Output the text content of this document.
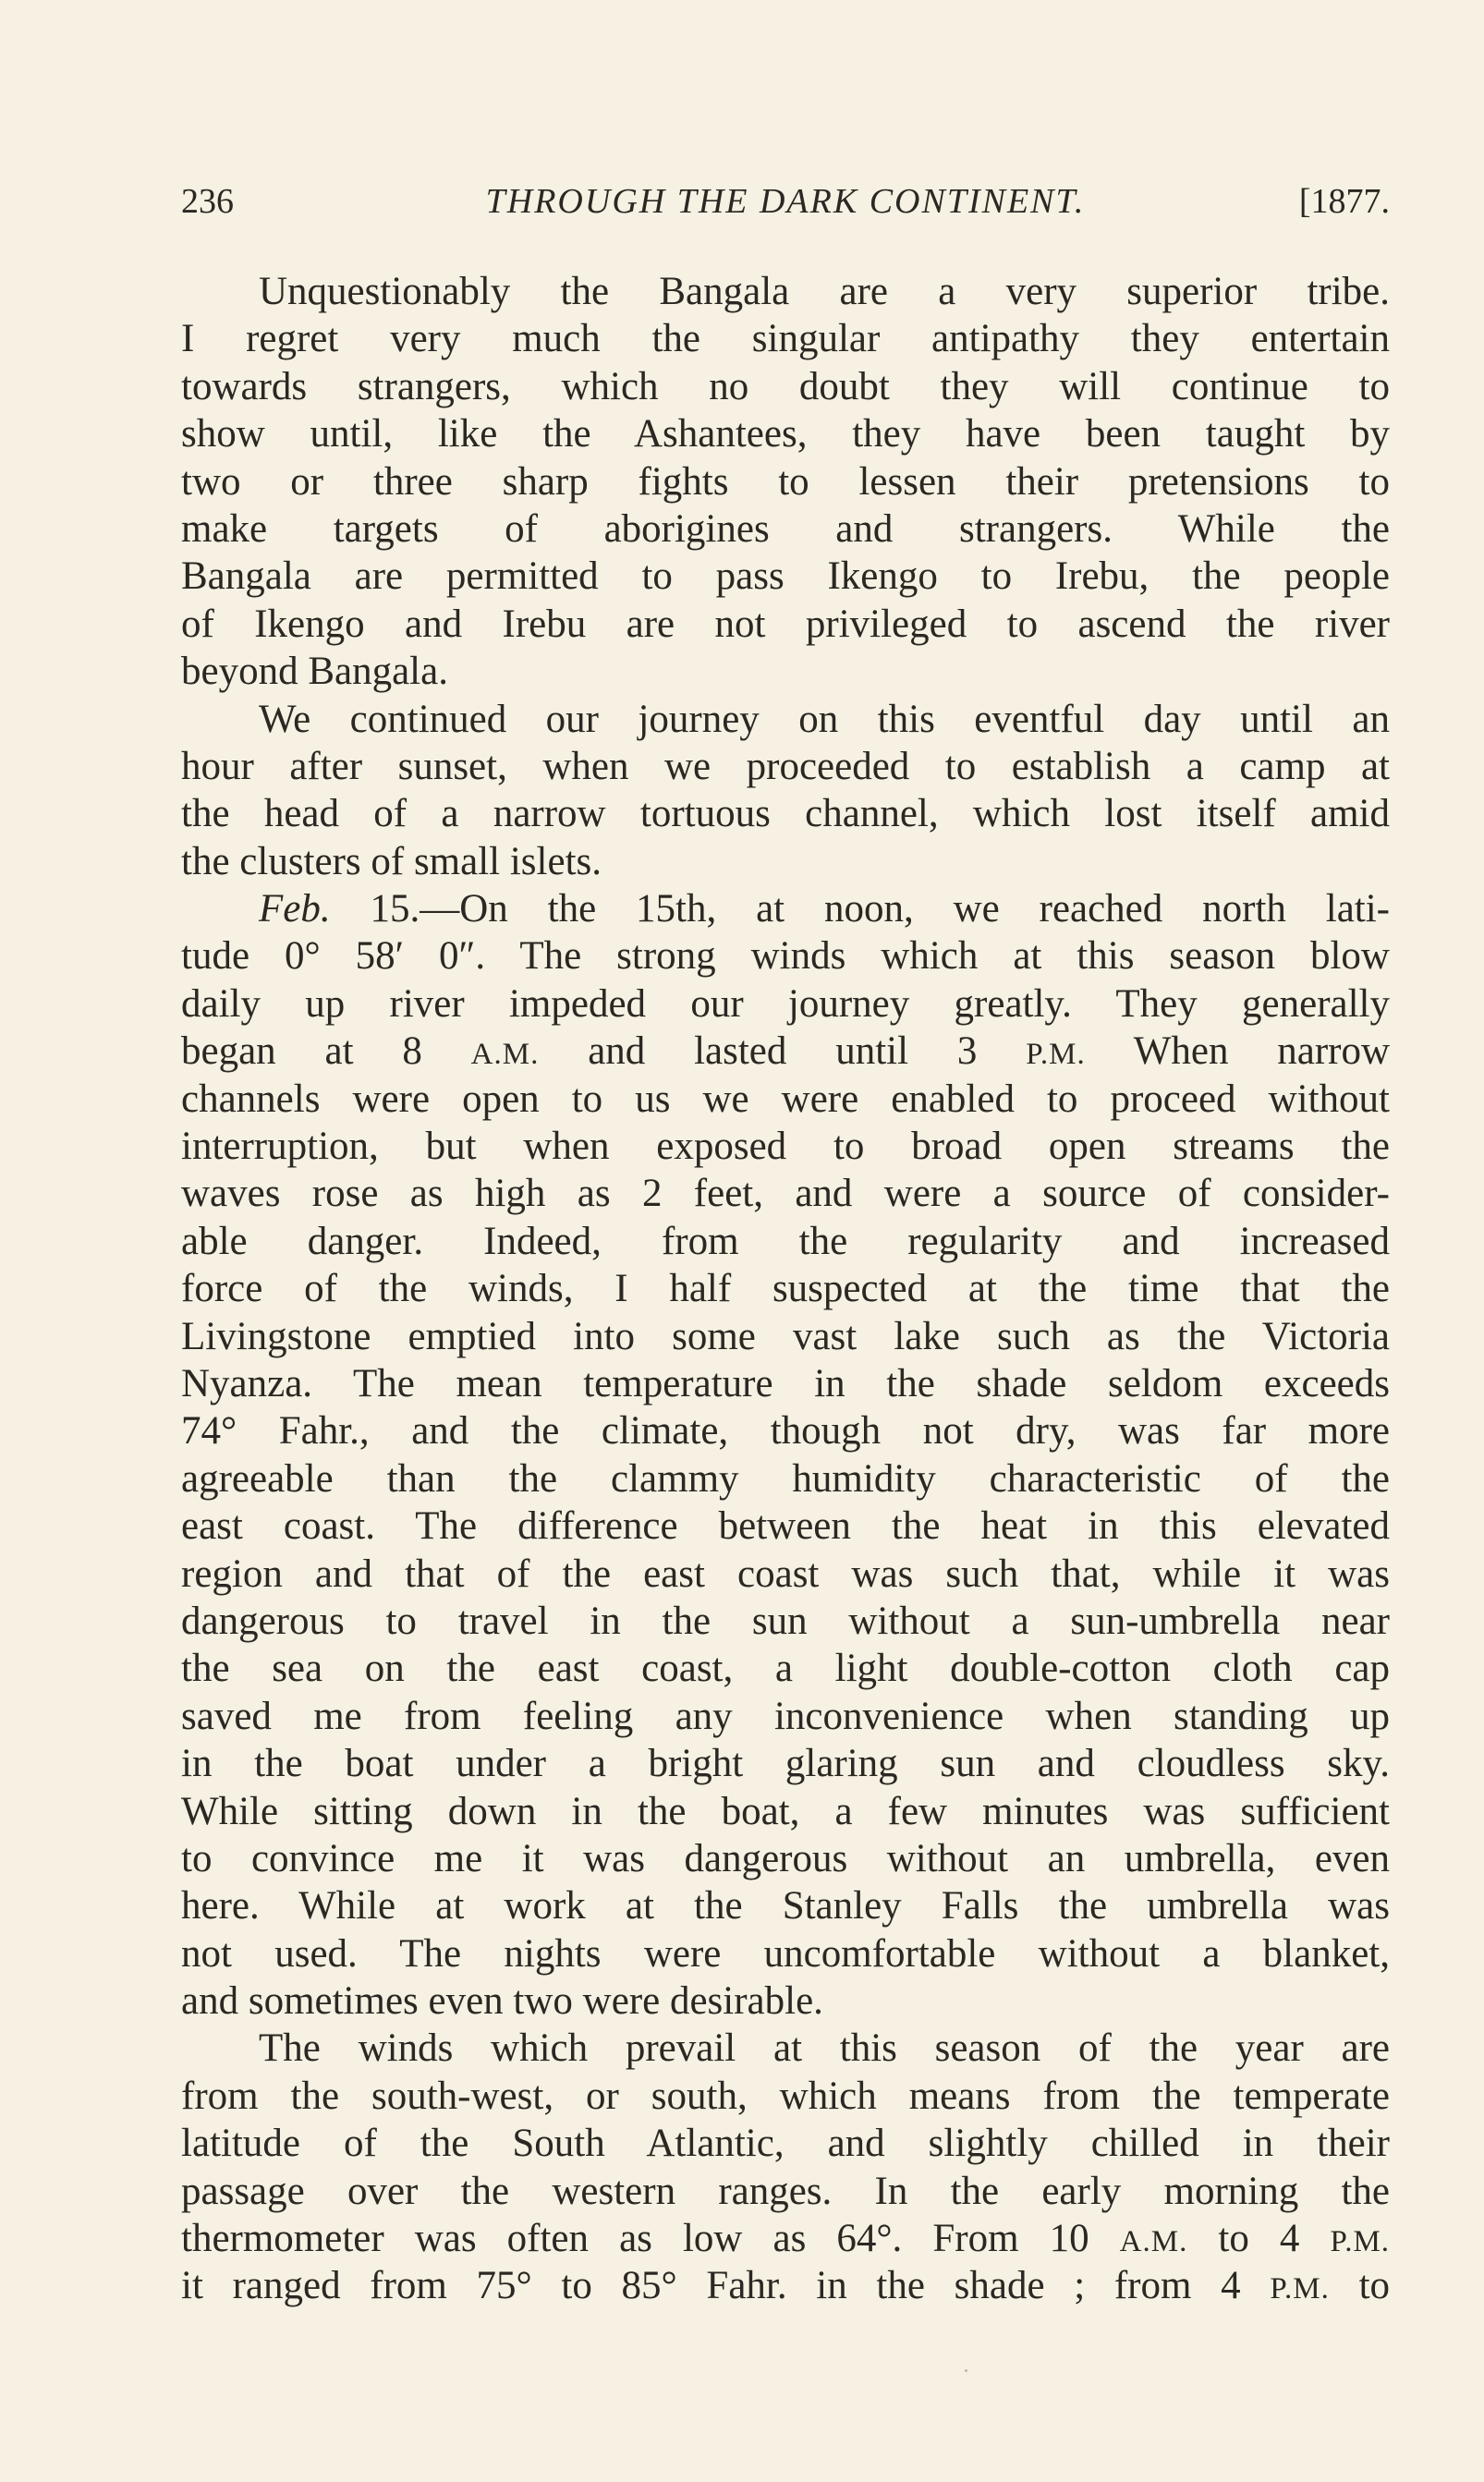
236	THROUGH THE DARK CONTINENT.	[1877.
Unquestionably the Bangala are a very superior tribe.
I regret very much the singular antipathy they entertain
towards strangers, which no doubt they will continue to
show until, like the Ashantees, they have been taught by
two or three sharp fights to lessen their pretensions to
make targets of aborigines and strangers. While the
Bangala are permitted to pass Ikengo to Irebu, the people
of Ikengo and Irebu are not privileged to ascend the river
beyond Bangala.
We continued our journey on this eventful day until an
hour after sunset, when we proceeded to establish a camp at
the head of a narrow tortuous channel, which lost itself amid
the clusters of small islets.
Feb. 15.—On the 15th, at noon, we reached north lati-
tude 0° 58′ 0″. The strong winds which at this season blow
daily up river impeded our journey greatly. They generally
began at 8 A.M. and lasted until 3 P.M. When narrow
channels were open to us we were enabled to proceed without
interruption, but when exposed to broad open streams the
waves rose as high as 2 feet, and were a source of consider-
able danger. Indeed, from the regularity and increased
force of the winds, I half suspected at the time that the
Livingstone emptied into some vast lake such as the Victoria
Nyanza. The mean temperature in the shade seldom exceeds
74° Fahr., and the climate, though not dry, was far more
agreeable than the clammy humidity characteristic of the
east coast. The difference between the heat in this elevated
region and that of the east coast was such that, while it was
dangerous to travel in the sun without a sun-umbrella near
the sea on the east coast, a light double-cotton cloth cap
saved me from feeling any inconvenience when standing up
in the boat under a bright glaring sun and cloudless sky.
While sitting down in the boat, a few minutes was sufficient
to convince me it was dangerous without an umbrella, even
here. While at work at the Stanley Falls the umbrella was
not used. The nights were uncomfortable without a blanket,
and sometimes even two were desirable.
The winds which prevail at this season of the year are
from the south-west, or south, which means from the temperate
latitude of the South Atlantic, and slightly chilled in their
passage over the western ranges. In the early morning the
thermometer was often as low as 64°. From 10 A.M. to 4 P.M.
it ranged from 75° to 85° Fahr. in the shade ; from 4 P.M. to
